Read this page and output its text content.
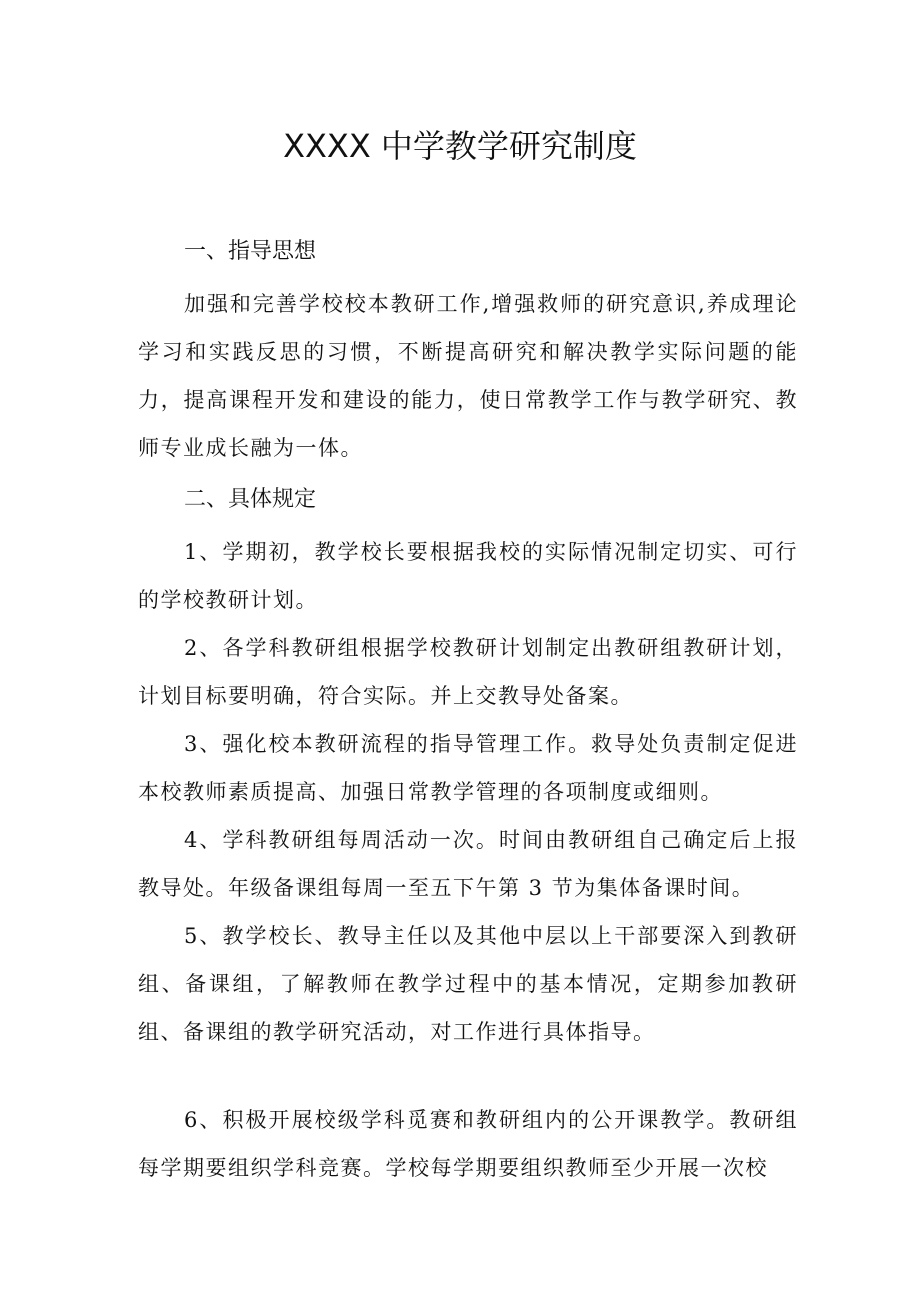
XXXX 中学教学研究制度
一、指导思想

加强和完善学校校本教研工作,增强救师的研究意识,养成理论学习和实践反思的习惯，不断提高研究和解决教学实际问题的能力，提高课程开发和建设的能力，使日常教学工作与教学研究、教师专业成长融为一体。

二、具体规定

1、学期初，教学校长要根据我校的实际情况制定切实、可行的学校教研计划。

2、各学科教研组根据学校教研计划制定出教研组教研计划，计划目标要明确，符合实际。并上交教导处备案。

3、强化校本教研流程的指导管理工作。救导处负责制定促进本校教师素质提高、加强日常教学管理的各项制度或细则。

4、学科教研组每周活动一次。时间由教研组自己确定后上报教导处。年级备课组每周一至五下午第 3 节为集体备课时间。

5、教学校长、教导主任以及其他中层以上干部要深入到教研组、备课组，了解教师在教学过程中的基本情况，定期参加教研组、备课组的教学研究活动，对工作进行具体指导。

6、积极开展校级学科觅赛和教研组内的公开课教学。教研组每学期要组织学科竞赛。学校每学期要组织教师至少开展一次校
